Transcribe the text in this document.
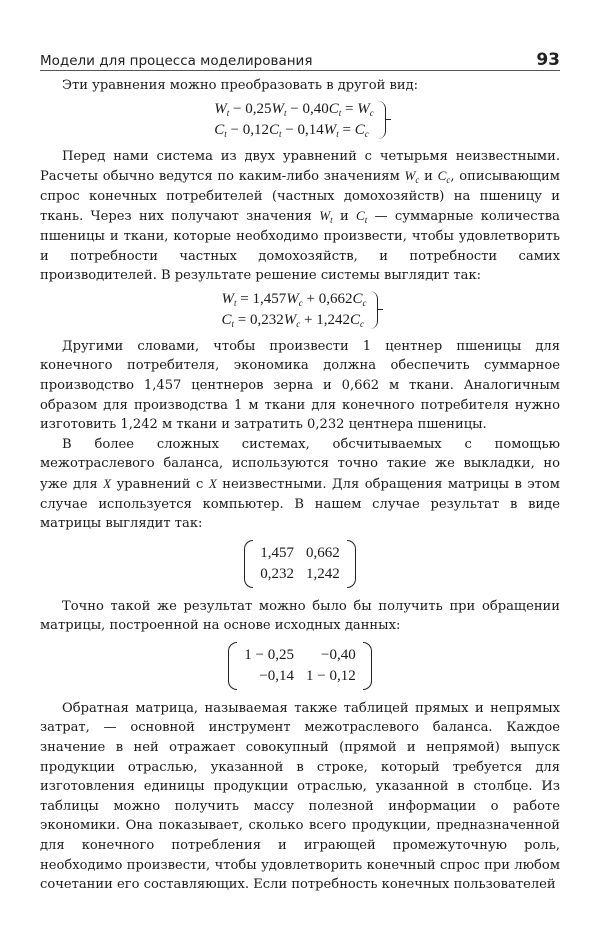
Модели для процесса моделирования	93

Эти уравнения можно преобразовать в другой вид:

$W_t - 0,25W_t - 0,40C_t = W_c$
$C_t - 0,12C_t - 0,14W_t = C_c$

Перед нами система из двух уравнений с четырьмя неизвестными. Расчеты обычно ведутся по каким-либо значениям $W_c$ и $C_c$, описывающим спрос конечных потребителей (частных домохозяйств) на пшеницу и ткань. Через них получают значения $W_t$ и $C_t$ — суммарные количества пшеницы и ткани, которые необходимо произвести, чтобы удовлетворить и потребности частных домохозяйств, и потребности самих производителей. В результате решение системы выглядит так:

$W_t = 1,457W_c + 0,662C_c$
$C_t = 0,232W_c + 1,242C_c$

Другими словами, чтобы произвести 1 центнер пшеницы для конечного потребителя, экономика должна обеспечить суммарное производство 1,457 центнеров зерна и 0,662 м ткани. Аналогичным образом для производства 1 м ткани для конечного потребителя нужно изготовить 1,242 м ткани и затратить 0,232 центнера пшеницы.

В более сложных системах, обсчитываемых с помощью межотраслевого баланса, используются точно такие же выкладки, но уже для X уравнений с X неизвестными. Для обращения матрицы в этом случае используется компьютер. В нашем случае результат в виде матрицы выглядит так:

1,457	0,662
0,232	1,242

Точно такой же результат можно было бы получить при обращении матрицы, построенной на основе исходных данных:

1 − 0,25	−0,40
−0,14	1 − 0,12

Обратная матрица, называемая также таблицей прямых и непрямых затрат, — основной инструмент межотраслевого баланса. Каждое значение в ней отражает совокупный (прямой и непрямой) выпуск продукции отраслью, указанной в строке, который требуется для изготовления единицы продукции отраслью, указанной в столбце. Из таблицы можно получить массу полезной информации о работе экономики. Она показывает, сколько всего продукции, предназначенной для конечного потребления и играющей промежуточную роль, необходимо произвести, чтобы удовлетворить конечный спрос при любом сочетании его составляющих. Если потребность конечных пользователей
